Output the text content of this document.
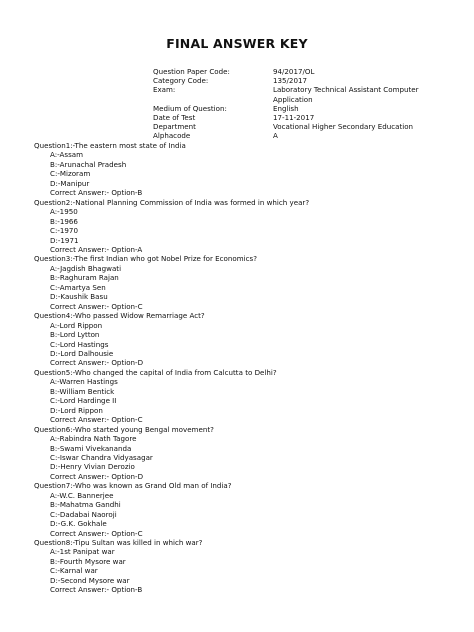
FINAL ANSWER KEY
Question Paper Code:	94/2017/OL
Category Code:	135/2017
Exam:	Laboratory Technical Assistant Computer Application
Medium of Question:	English
Date of Test	17-11-2017
Department	Vocational Higher Secondary Education
Alphacode	A
Question1:-The eastern most state of India
A:-Assam
B:-Arunachal Pradesh
C:-Mizoram
D:-Manipur
Correct Answer:- Option-B
Question2:-National Planning Commission of India was formed in which year?
A:-1950
B:-1966
C:-1970
D:-1971
Correct Answer:- Option-A
Question3:-The first Indian who got Nobel Prize for Economics?
A:-Jagdish Bhagwati
B:-Raghuram Rajan
C:-Amartya Sen
D:-Kaushik Basu
Correct Answer:- Option-C
Question4:-Who passed Widow Remarriage Act?
A:-Lord Rippon
B:-Lord Lytton
C:-Lord Hastings
D:-Lord Dalhousie
Correct Answer:- Option-D
Question5:-Who changed the capital of India from Calcutta to Delhi?
A:-Warren Hastings
B:-William Bentick
C:-Lord Hardinge II
D:-Lord Rippon
Correct Answer:- Option-C
Question6:-Who started young Bengal movement?
A:-Rabindra Nath Tagore
B:-Swami Vivekananda
C:-Iswar Chandra Vidyasagar
D:-Henry Vivian Derozio
Correct Answer:- Option-D
Question7:-Who was known as Grand Old man of India?
A:-W.C. Bannerjee
B:-Mahatma Gandhi
C:-Dadabai Naoroji
D:-G.K. Gokhale
Correct Answer:- Option-C
Question8:-Tipu Sultan was killed in which war?
A:-1st Panipat war
B:-Fourth Mysore war
C:-Karnal war
D:-Second Mysore war
Correct Answer:- Option-B
